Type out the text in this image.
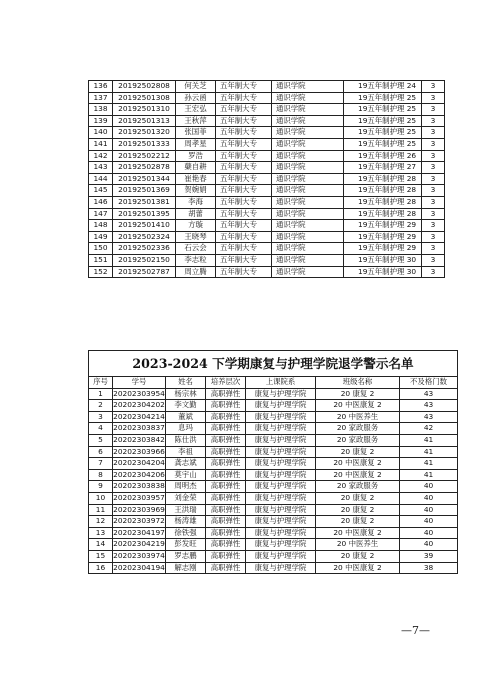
136	20192502808	何关芝	五年制大专	通识学院	19五年制护理 24	3
137	20192501308	孙云函	五年制大专	通识学院	19五年制护理 25	3
138	20192501310	王宏弘	五年制大专	通识学院	19五年制护理 25	3
139	20192501313	王秋萍	五年制大专	通识学院	19五年制护理 25	3
140	20192501320	张国菲	五年制大专	通识学院	19五年制护理 25	3
141	20192501333	周孝星	五年制大专	通识学院	19五年制护理 25	3
142	20192502212	罗浩	五年制大专	通识学院	19五年制护理 26	3
143	20192502878	蘖自耕	五年制大专	通识学院	19五年制护理 27	3
144	20192501344	崔艳春	五年制大专	通识学院	19五年制护理 28	3
145	20192501369	贺婉娟	五年制大专	通识学院	19五年制护理 28	3
146	20192501381	李海	五年制大专	通识学院	19五年制护理 28	3
147	20192501395	胡蕾	五年制大专	通识学院	19五年制护理 28	3
148	20192501410	方璇	五年制大专	通识学院	19五年制护理 29	3
149	20192502324	王晓琴	五年制大专	通识学院	19五年制护理 29	3
150	20192502336	石云会	五年制大专	通识学院	19五年制护理 29	3
151	20192502150	李志粒	五年制大专	通识学院	19五年制护理 30	3
152	20192502787	周立腾	五年制大专	通识学院	19五年制护理 30	3
2023-2024 下学期康复与护理学院退学警示名单						
序号	学号	姓名	培养层次	上课院系	班级名称	不及格门数
1	20202303954	杨宗林	高职弹性	康复与护理学院	20 康复 2	43
2	20202304202	李文勤	高职弹性	康复与护理学院	20 中医康复 2	43
3	20202304214	董斌	高职弹性	康复与护理学院	20 中医养生	43
4	20202303837	息玛	高职弹性	康复与护理学院	20 家政服务	42
5	20202303842	陈仕洪	高职弹性	康复与护理学院	20 家政服务	41
6	20202303966	李祖	高职弹性	康复与护理学院	20 康复 2	41
7	20202304204	龚志斌	高职弹性	康复与护理学院	20 中医康复 2	41
8	20202304206	莫宇山	高职弹性	康复与护理学院	20 中医康复 2	41
9	20202303838	周明杰	高职弹性	康复与护理学院	20 家政服务	40
10	20202303957	刘金荣	高职弹性	康复与护理学院	20 康复 2	40
11	20202303969	王洪瑞	高职弹性	康复与护理学院	20 康复 2	40
12	20202303972	杨涛雄	高职弹性	康复与护理学院	20 康复 2	40
13	20202304197	徐铁强	高职弹性	康复与护理学院	20 中医康复 2	40
14	20202304219	彭发旺	高职弹性	康复与护理学院	20 中医养生	40
15	20202303974	罗志鹏	高职弹性	康复与护理学院	20 康复 2	39
16	20202304194	解志刚	高职弹性	康复与护理学院	20 中医康复 2	38
—7—
